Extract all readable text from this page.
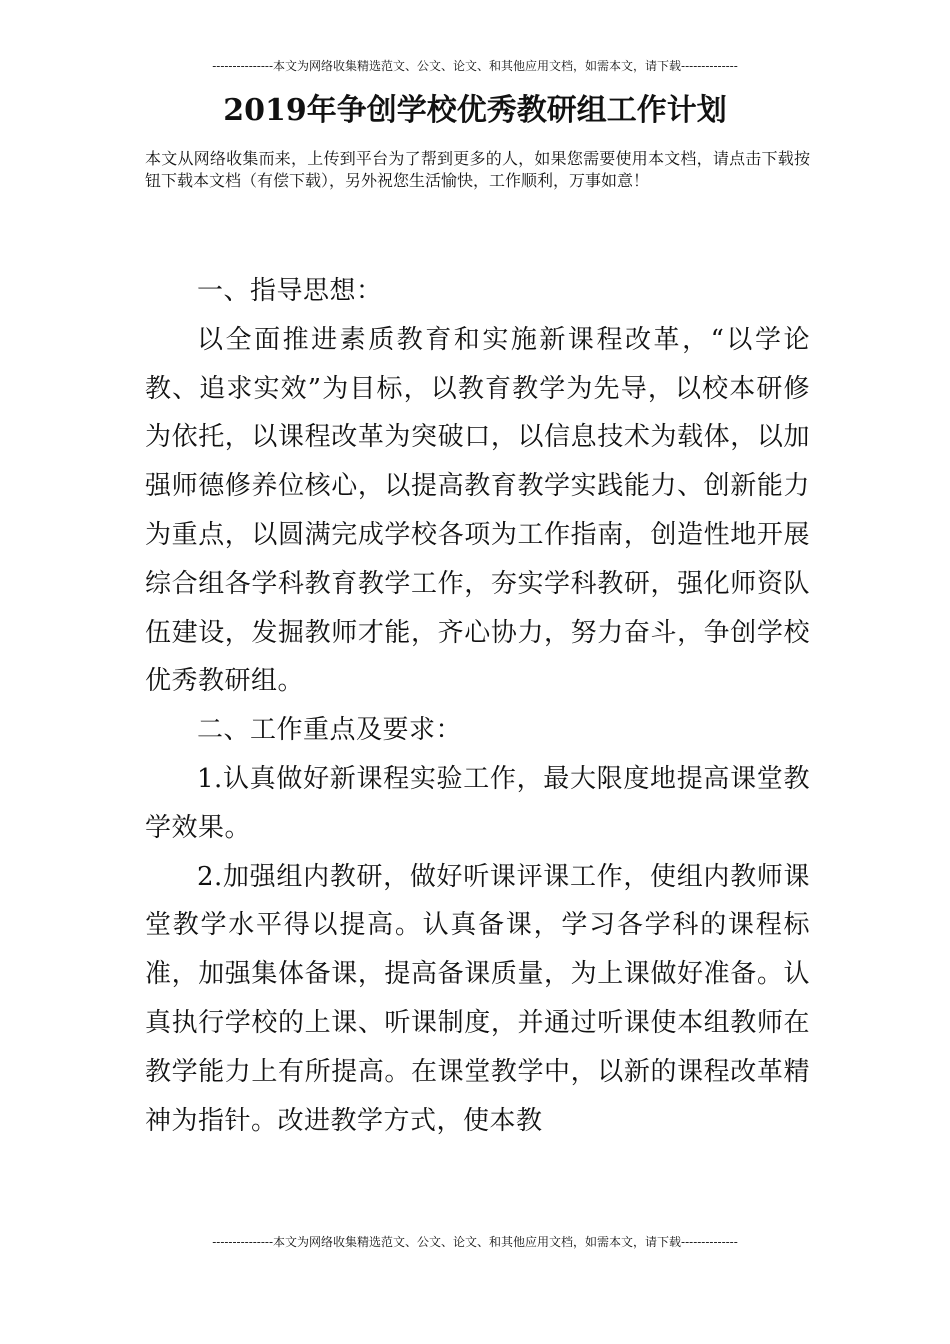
---------------本文为网络收集精选范文、公文、论文、和其他应用文档，如需本文，请下载--------------
2019年争创学校优秀教研组工作计划

本文从网络收集而来，上传到平台为了帮到更多的人，如果您需要使用本文档，请点击下载按钮下载本文档（有偿下载），另外祝您生活愉快，工作顺利，万事如意！

一、指导思想：

以全面推进素质教育和实施新课程改革，“以学论教、追求实效”为目标，以教育教学为先导，以校本研修为依托，以课程改革为突破口，以信息技术为载体，以加强师德修养位核心，以提高教育教学实践能力、创新能力为重点，以圆满完成学校各项为工作指南，创造性地开展综合组各学科教育教学工作，夯实学科教研，强化师资队伍建设，发掘教师才能，齐心协力，努力奋斗，争创学校优秀教研组。

二、工作重点及要求：

1.认真做好新课程实验工作，最大限度地提高课堂教学效果。

2.加强组内教研，做好听课评课工作，使组内教师课堂教学水平得以提高。认真备课，学习各学科的课程标准，加强集体备课，提高备课质量，为上课做好准备。认真执行学校的上课、听课制度，并通过听课使本组教师在教学能力上有所提高。在课堂教学中，以新的课程改革精神为指针。改进教学方式，使本教

---------------本文为网络收集精选范文、公文、论文、和其他应用文档，如需本文，请下载--------------
